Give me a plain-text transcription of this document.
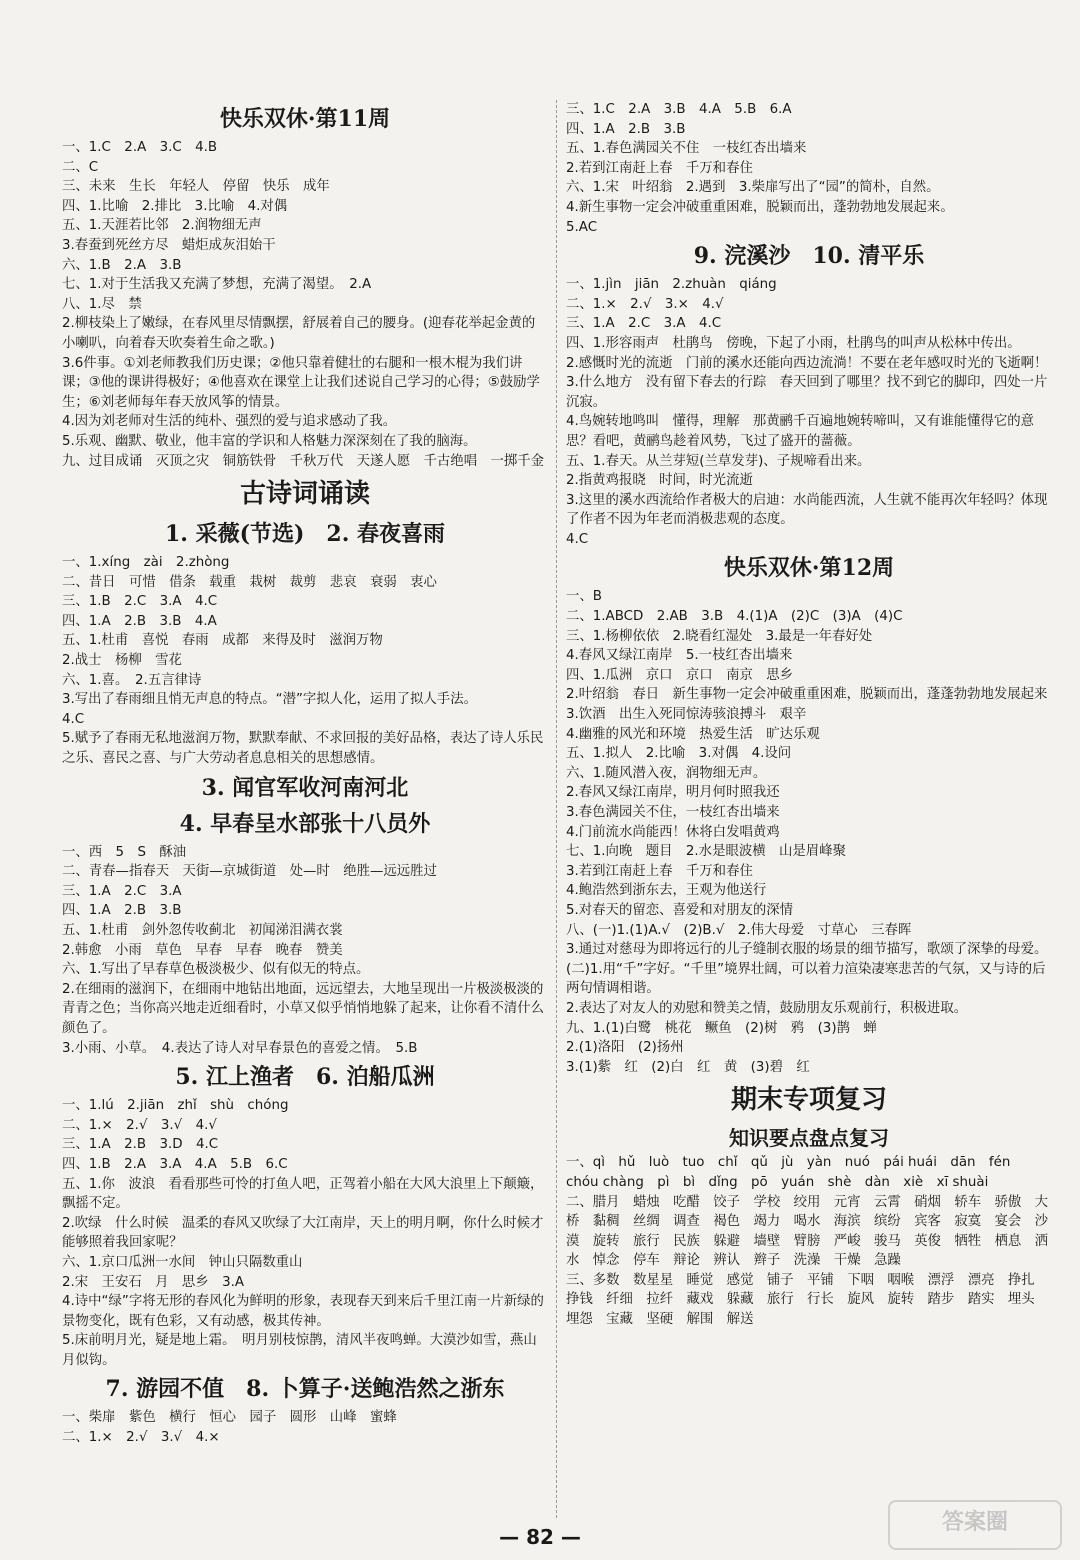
快乐双休·第11周
一、1.C　2.A　3.C　4.B
二、C
三、未来　生长　年轻人　停留　快乐　成年
四、1.比喻　2.排比　3.比喻　4.对偶
五、1.天涯若比邻　2.润物细无声
3.春蚕到死丝方尽　蜡炬成灰泪始干
六、1.B　2.A　3.B
七、1.对于生活我又充满了梦想，充满了渴望。　2.A
八、1.尽　禁
2.柳枝染上了嫩绿，在春风里尽情飘摆，舒展着自己的腰身。(迎春花举起金黄的小喇叭，向着春天吹奏着生命之歌。)
3.6件事。①刘老师教我们历史课；②他只靠着健壮的右腿和一根木棍为我们讲课；③他的课讲得极好；④他喜欢在课堂上让我们述说自己学习的心得；⑤鼓励学生；⑥刘老师每年春天放风筝的情景。
4.因为刘老师对生活的纯朴、强烈的爱与追求感动了我。
5.乐观、幽默、敬业，他丰富的学识和人格魅力深深刻在了我的脑海。
九、过目成诵　灭顶之灾　铜筋铁骨　千秋万代　天遂人愿　千古绝唱　一掷千金
古诗词诵读
1. 采薇(节选)　2. 春夜喜雨
一、1.xíng　zài　2.zhòng
二、昔日　可惜　借条　载重　栽树　裁剪　悲哀　衰弱　衷心
三、1.B　2.C　3.A　4.C
四、1.A　2.B　3.B　4.A
五、1.杜甫　喜悦　春雨　成都　来得及时　滋润万物
2.战士　杨柳　雪花
六、1.喜。　2.五言律诗
3.写出了春雨细且悄无声息的特点。“潜”字拟人化，运用了拟人手法。
4.C
5.赋予了春雨无私地滋润万物，默默奉献、不求回报的美好品格，表达了诗人乐民之乐、喜民之喜、与广大劳动者息息相关的思想感情。
3. 闻官军收河南河北
4. 早春呈水部张十八员外
一、西　5　S　酥油
二、青春—指春天　天街—京城街道　处—时　绝胜—远远胜过
三、1.A　2.C　3.A
四、1.A　2.B　3.B
五、1.杜甫　剑外忽传收蓟北　初闻涕泪满衣裳
2.韩愈　小雨　草色　早春　早春　晚春　赞美
六、1.写出了早春草色极淡极少、似有似无的特点。
2.在细雨的滋润下，在细雨中地钻出地面，远远望去，大地呈现出一片极淡极淡的青青之色；当你高兴地走近细看时，小草又似乎悄悄地躲了起来，让你看不清什么颜色了。
3.小雨、小草。　4.表达了诗人对早春景色的喜爱之情。　5.B
5. 江上渔者　6. 泊船瓜洲
一、1.lú　2.jiān　zhǐ　shù　chóng
二、1.×　2.√　3.√　4.√
三、1.A　2.B　3.D　4.C
四、1.B　2.A　3.A　4.A　5.B　6.C
五、1.你　波浪　看看那些可怜的打鱼人吧，正驾着小船在大风大浪里上下颠簸，飘摇不定。
2.吹绿　什么时候　温柔的春风又吹绿了大江南岸，天上的明月啊，你什么时候才能够照着我回家呢？
六、1.京口瓜洲一水间　钟山只隔数重山
2.宋　王安石　月　思乡　3.A
4.诗中“绿”字将无形的春风化为鲜明的形象，表现春天到来后千里江南一片新绿的景物变化，既有色彩，又有动感，极其传神。
5.床前明月光，疑是地上霜。　明月别枝惊鹊，清风半夜鸣蝉。大漠沙如雪，燕山月似钩。
7. 游园不值　8. 卜算子·送鲍浩然之浙东
一、柴扉　紫色　横行　恒心　园子　圆形　山峰　蜜蜂
二、1.×　2.√　3.√　4.×
三、1.C　2.A　3.B　4.A　5.B　6.A
四、1.A　2.B　3.B
五、1.春色满园关不住　一枝红杏出墙来
2.若到江南赶上春　千万和春住
六、1.宋　叶绍翁　2.遇到　3.柴扉写出了“园”的简朴，自然。
4.新生事物一定会冲破重重困难，脱颖而出，蓬勃勃地发展起来。
5.AC
9. 浣溪沙　10. 清平乐
一、1.jìn　jiān　2.zhuàn　qiáng
二、1.×　2.√　3.×　4.√
三、1.A　2.C　3.A　4.C
四、1.形容雨声　杜鹃鸟　傍晚，下起了小雨，杜鹃鸟的叫声从松林中传出。
2.感慨时光的流逝　门前的溪水还能向西边流淌！不要在老年感叹时光的飞逝啊！
3.什么地方　没有留下春去的行踪　春天回到了哪里？找不到它的脚印，四处一片沉寂。
4.鸟婉转地鸣叫　懂得，理解　那黄鹂千百遍地婉转啼叫，又有谁能懂得它的意思？看吧，黄鹂鸟趁着风势，飞过了盛开的蔷薇。
五、1.春天。从兰芽短(兰草发芽)、子规啼看出来。
2.指黄鸡报晓　时间，时光流逝
3.这里的溪水西流给作者极大的启迪：水尚能西流，人生就不能再次年轻吗？体现了作者不因为年老而消极悲观的态度。
4.C
快乐双休·第12周
一、B
二、1.ABCD　2.AB　3.B　4.(1)A　(2)C　(3)A　(4)C
三、1.杨柳依依　2.晓看红湿处　3.最是一年春好处
4.春风又绿江南岸　5.一枝红杏出墙来
四、1.瓜洲　京口　京口　南京　思乡
2.叶绍翁　春日　新生事物一定会冲破重重困难，脱颖而出，蓬蓬勃勃地发展起来
3.饮酒　出生入死同惊涛骇浪搏斗　艰辛
4.幽雅的风光和环境　热爱生活　旷达乐观
五、1.拟人　2.比喻　3.对偶　4.设问
六、1.随风潜入夜，润物细无声。
2.春风又绿江南岸，明月何时照我还
3.春色满园关不住，一枝红杏出墙来
4.门前流水尚能西！休将白发唱黄鸡
七、1.向晚　题目　2.水是眼波横　山是眉峰聚
3.若到江南赶上春　千万和春住
4.鲍浩然到浙东去，王观为他送行
5.对春天的留恋、喜爱和对朋友的深情
八、(一)1.(1)A.√　(2)B.√　2.伟大母爱　寸草心　三春晖
3.通过对慈母为即将远行的儿子缝制衣服的场景的细节描写，歌颂了深挚的母爱。
(二)1.用“千”字好。“千里”境界壮阔，可以着力渲染凄寒悲苦的气氛，又与诗的后两句情调相谐。
2.表达了对友人的劝慰和赞美之情，鼓励朋友乐观前行，积极进取。
九、1.(1)白鹭　桃花　鳜鱼　(2)树　鸦　(3)鹊　蝉
2.(1)洛阳　(2)扬州
3.(1)紫　红　(2)白　红　黄　(3)碧　红
期末专项复习
知识要点盘点复习
一、qì　hǔ　luò　tuo　chǐ　qǔ　jù　yàn　nuó　pái huái　dān　fén　chóu chàng　pì　bì　dǐng　pō　yuán　shè　dàn　xiè　xī shuài
二、腊月　蜡烛　吃醋　饺子　学校　绞用　元宵　云霄　硝烟　轿车　骄傲　大桥　黏稠　丝绸　调查　褐色　竭力　喝水　海滨　缤纷　宾客　寂寞　宴会　沙漠　旋转　旅行　民族　躲避　墙壁　臂膀　严峻　骏马　英俊　牺牲　栖息　洒水　悼念　停车　辩论　辨认　辫子　洗澡　干燥　急躁
三、多数　数星星　睡觉　感觉　铺子　平铺　下咽　咽喉　漂浮　漂亮　挣扎　挣钱　纤细　拉纤　藏戏　躲藏　旅行　行长　旋风　旋转　踏步　踏实　埋头　埋怨　宝藏　坚硬　解围　解送
— 82 —
答案圈
